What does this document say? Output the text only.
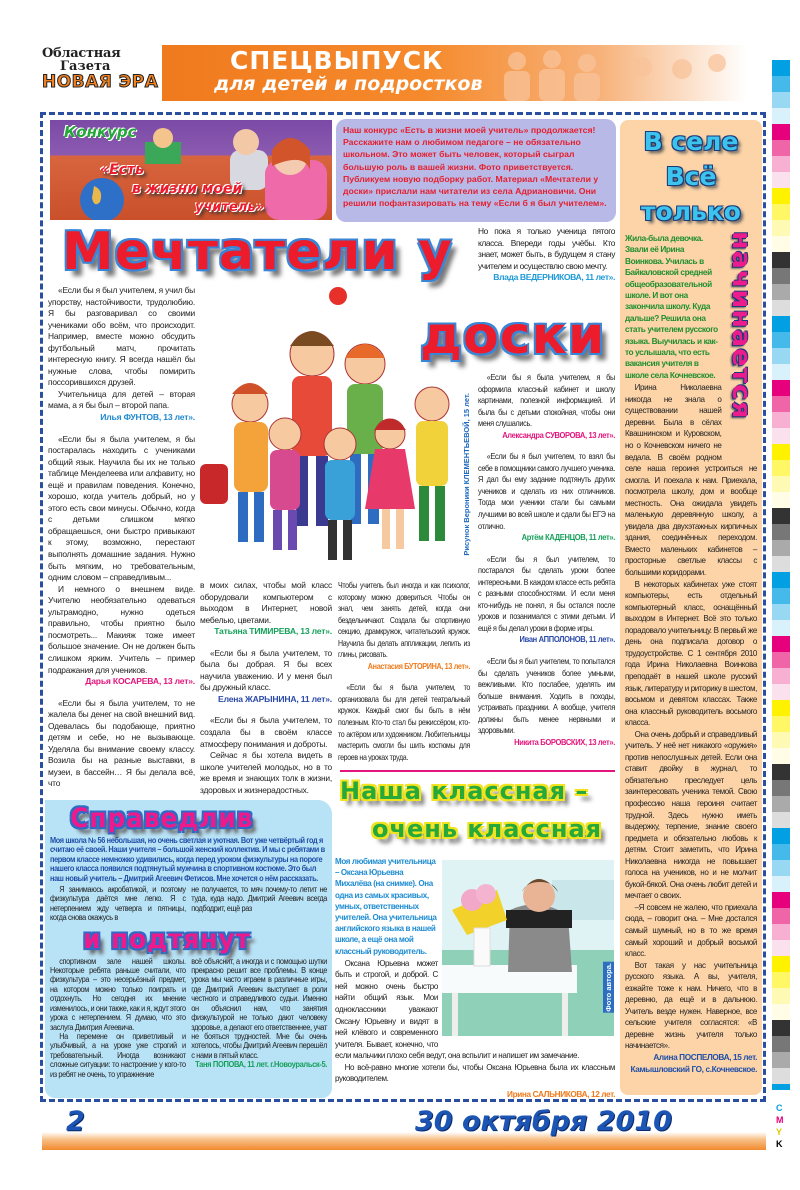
Областная
Газета
НОВАЯ ЭРА
СПЕЦВЫПУСК
для детей и подростков
Конкурс
«Есть
в жизни моей
учитель»
Наш конкурс «Есть в жизни моей учитель» продолжается! Расскажите нам о любимом педагоге – не обязательно школьном. Это может быть человек, который сыграл большую роль в вашей жизни. Фото приветствуется. Публикуем новую подборку работ. Материал «Мечтатели у доски» прислали нам читатели из села Адриановичи. Они решили пофантазировать на тему «Если б я был учителем».
Рисунок Вероники КЛЕМЕНТЬЕВОЙ, 15 лет.
Мечтатели у
доски

«Если бы я был учителем, я учил бы упорству, настойчивости, трудолюбию. Я бы разговаривал со своими учениками обо всём, что происходит. Например, вместе можно обсудить футбольный матч, прочитать интересную книгу. Я всегда нашёл бы нужные слова, чтобы помирить поссорившихся друзей.

Учительница для детей – вторая мама, а я бы был – второй папа.

Илья ФУНТОВ, 13 лет».

«Если бы я была учителем, я бы постаралась находить с учениками общий язык. Научила бы их не только таблице Менделеева или алфавиту, но ещё и правилам поведения. Конечно, хорошо, когда учитель добрый, но у этого есть свои минусы. Обычно, когда с детьми слишком мягко обращаешься, они быстро привыкают к этому, возможно, перестают выполнять домашние задания. Нужно быть мягким, но требовательным, одним словом – справедливым...

И немного о внешнем виде. Учителю необязательно одеваться ультрамодно, нужно одеться правильно, чтобы приятно было посмотреть... Макияж тоже имеет большое значение. Он не должен быть слишком ярким. Учитель – пример подражания для учеников.

Дарья КОСАРЕВА, 13 лет».

«Если бы я была учителем, то не жалела бы денег на свой внешний вид. Одевалась бы подобающе, приятно детям и себе, но не вызывающе. Уделяла бы внимание своему классу. Возила бы на разные выставки, в музеи, в бассейн… Я бы делала всё, что

в моих силах, чтобы мой класс оборудовали компьютером с выходом в Интернет, новой мебелью, цветами.

Татьяна ТИМИРЕВА, 13 лет».

«Если бы я была учителем, то была бы добрая. Я бы всех научила уважению. И у меня был бы дружный класс.

Елена ЖАРЫНИНА, 11 лет».

«Если бы я была учителем, то создала бы в своём классе атмосферу понимания и доброты.

Сейчас я бы хотела видеть в школе учителей молодых, но в то же время и знающих толк в жизни, здоровых и жизнерадостных.

Чтобы учитель был иногда и как психолог, которому можно довериться. Чтобы он знал, чем занять детей, когда они бездельничают. Создала бы спортивную секцию, драмкружок, читательский кружок. Научила бы делать аппликации, лепить из глины, рисовать.

Анастасия БУТОРИНА, 13 лет».

«Если бы я была учителем, то организовала бы для детей театральный кружок. Каждый смог бы быть в нём полезным. Кто-то стал бы режиссёром, кто-то актёром или художником. Любительницы мастерить смогли бы шить костюмы для героев на уроках труда.

Но пока я только ученица пятого класса. Впереди годы учёбы. Кто знает, может быть, в будущем я стану учителем и осуществлю свою мечту.

Влада ВЕДЕРНИКОВА, 11 лет».

«Если бы я была учителем, я бы оформила классный кабинет и школу картинами, полезной информацией. И была бы с детьми спокойная, чтобы они меня слушались.

Александра СУВОРОВА, 13 лет».

«Если бы я был учителем, то взял бы себе в помощники самого лучшего ученика. Я дал бы ему задание подтянуть других учеников и сделать из них отличников. Тогда мои ученики стали бы самыми лучшими во всей школе и сдали бы ЕГЭ на отлично.

Артём КАДЕНЦОВ, 11 лет».

«Если бы я был учителем, то постарался бы сделать уроки более интересными. В каждом классе есть ребята с разными способностями. И если меня кто-нибудь не понял, я бы остался после уроков и позанимался с этими детьми. И ещё я бы делал уроки в форме игры.

Иван АППОЛОНОВ, 11 лет».

«Если бы я был учителем, то попытался бы сделать учеников более умными, вежливыми. Кто послабее, уделять им больше внимания. Ходить в походы, устраивать праздники. А вообще, учителя должны быть менее нервными и здоровыми.

Никита БОРОВСКИХ, 13 лет».

В селе
Всё
только
начинается
Жила-была девочка. Звали её Ирина Воинкова. Училась в Байкаловской средней общеобразовательной школе. И вот она закончила школу. Куда дальше? Решила она стать учителем русского языка. Выучилась и как-то услышала, что есть вакансия учителя в школе села Кочневское.

Ирина Николаевна никогда не знала о существовании нашей деревни. Была в сёлах Квашнинском и Куровском, но о Кочневском ничего не ведала. В своём родном селе наша героиня устроиться не смогла. И поехала к нам. Приехала, посмотрела школу, дом и вообще местность. Она ожидала увидеть маленькую деревянную школу, а увидела два двухэтажных кирпичных здания, соединённых переходом. Вместо маленьких кабинетов – просторные светлые классы с большими коридорами.

В некоторых кабинетах уже стоят компьютеры, есть отдельный компьютерный класс, оснащённый выходом в Интернет. Всё это только порадовало учительницу. В первый же день она подписала договор о трудоустройстве. С 1 сентября 2010 года Ирина Николаевна Воинкова преподаёт в нашей школе русский язык, литературу и риторику в шестом, восьмом и девятом классах. Также она классный руководитель восьмого класса.

Она очень добрый и справедливый учитель. У неё нет никакого «оружия» против непослушных детей. Если она ставит двойку в журнал, то обязательно преследует цель заинтересовать ученика темой. Свою профессию наша героиня считает трудной. Здесь нужно иметь выдержку, терпение, знание своего предмета и обязательно любовь к детям. Стоит заметить, что Ирина Николаевна никогда не повышает голоса на учеников, но и не молчит букой-бякой. Она очень любит детей и мечтает о своих.

–Я совсем не жалею, что приехала сюда, – говорит она. – Мне достался самый шумный, но в то же время самый хороший и добрый восьмой класс.

Вот такая у нас учительница русского языка. А вы, учителя, езжайте тоже к нам. Ничего, что в деревню, да ещё и в дальнюю. Учитель везде нужен. Наверное, все сельские учителя согласятся: «В деревне жизнь учителя только начинается».

Алина ПОСПЕЛОВА, 15 лет. Камышловский ГО, с.Кочневское.

Справедлив
Моя школа № 56 небольшая, но очень светлая и уютная. Вот уже четвёртый год я считаю её своей. Наши учителя – большой женский коллектив. И мы с ребятами в первом классе немножко удивились, когда перед уроком физкультуры на пороге нашего класса появился подтянутый мужчина в спортивном костюме. Это был наш новый учитель – Дмитрий Агеевич Фетисов. Мне хочется о нём рассказать.

Я занимаюсь акробатикой, и поэтому физкультура даётся мне легко. Я с нетерпением жду четверга и пятницы, когда снова окажусь в

не получается, то мяч почему-то летит не туда, куда надо. Дмитрий Агеевич всегда подбодрит, ещё раз

и подтянут

спортивном зале нашей школы. Некоторые ребята раньше считали, что физкультура – это несерьёзный предмет, на котором можно только поиграть и отдохнуть. Но сегодня их мнение изменилось, и они также, как и я, ждут этого урока с нетерпением. Я думаю, что это заслуга Дмитрия Агеевича.

На перемене он приветливый и улыбчивый, а на уроке уже строгий и требовательный. Иногда возникают сложные ситуации: то настроение у кого-то из ребят не очень, то упражнение

всё объяснит, а иногда и с помощью шутки прекрасно решит все проблемы. В конце урока мы часто играем в различные игры, где Дмитрий Агеевич выступает в роли честного и справедливого судьи. Именно он объяснил нам, что занятия физкультурой не только дают человеку здоровье, а делают его ответственнее, учат не бояться трудностей. Мне бы очень хотелось, чтобы Дмитрий Агеевич перешёл с нами в пятый класс.

Таня ПОПОВА, 11 лет. г.Новоуральск-5.

Наша классная –
очень классная
Фото автора.
Моя любимая учительница – Оксана Юрьевна Михалёва (на снимке). Она одна из самых красивых, умных, ответственных учителей. Она учительница английского языка в нашей школе, а ещё она мой классный руководитель.

Оксана Юрьевна может быть и строгой, и доброй. С ней можно очень быстро найти общий язык. Мои одноклассники уважают Оксану Юрьевну и видят в ней клёвого и современного учителя. Бывает, конечно, что если мальчики плохо себя ведут, она вспылит и напишет им замечание.

Но всё-равно многие хотели бы, чтобы Оксана Юрьевна была их классным руководителем.

Ирина САЛЬНИКОВА, 12 лет.

2	30 октября 2010	C
M
Y
K
